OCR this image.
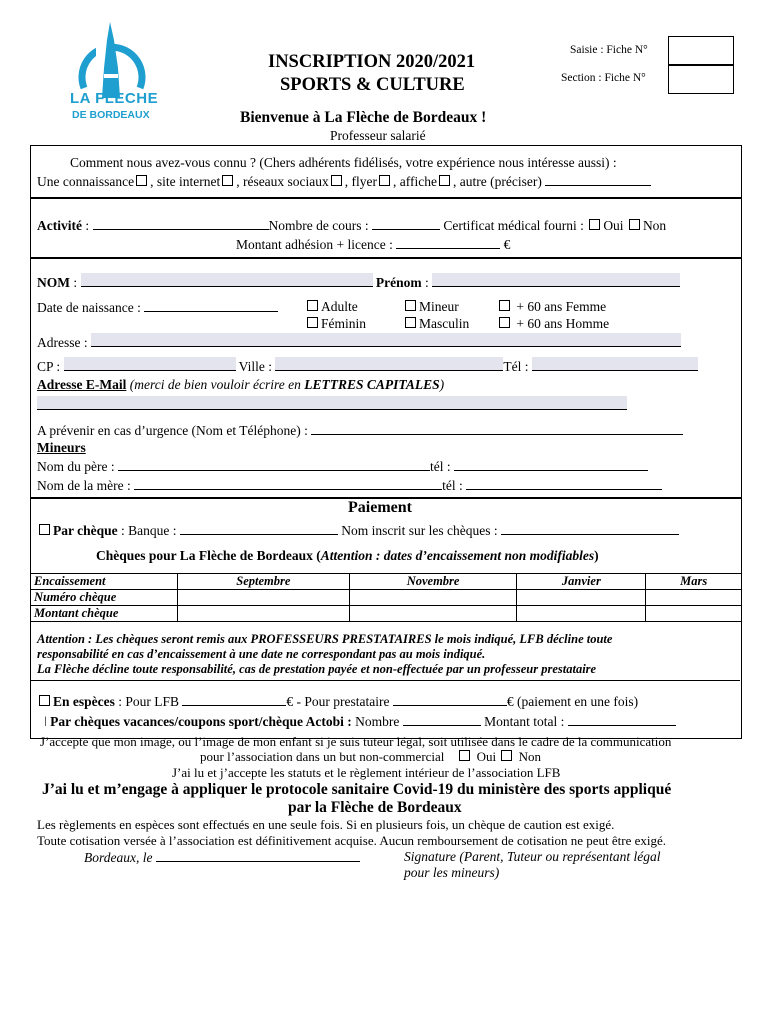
LA FLECHE
DE BORDEAUX
INSCRIPTION 2020/2021
SPORTS & CULTURE
Saisie : Fiche N°
Section : Fiche N°
Bienvenue à La Flèche de Bordeaux !
Professeur salarié
Comment nous avez-vous connu ? (Chers adhérents fidélisés, votre expérience nous intéresse aussi) :
Une connaissance , site internet , réseaux sociaux , flyer , affiche , autre (préciser)
Activité :	Nombre de cours :	Certificat médical fourni : Oui Non
Montant adhésion + licence :	€
NOM :	Prénom :
Date de naissance :	Adulte
Féminin
Mineur
Masculin
+ 60 ans Femme
+ 60 ans Homme
Adresse :
CP :	Ville :	Tél :
Adresse E-Mail (merci de bien vouloir écrire en LETTRES CAPITALES)
A prévenir en cas d’urgence (Nom et Téléphone) :
Mineurs
Nom du père :	tél :
Nom de la mère :	tél :
Paiement
Par chèque : Banque :	Nom inscrit sur les chèques :
Chèques pour La Flèche de Bordeaux (Attention : dates d’encaissement non modifiables)
Encaissement	Septembre	Novembre	Janvier	Mars
Numéro chèque				
Montant chèque				
Attention : Les chèques seront remis aux PROFESSEURS PRESTATAIRES le mois indiqué, LFB décline toute
responsabilité en cas d’encaissement à une date ne correspondant pas au mois indiqué.
La Flèche décline toute responsabilité, cas de prestation payée et non-effectuée par un professeur prestataire
En espèces : Pour LFB	€ - Pour prestataire	€ (paiement en une fois)
ǀ Par chèques vacances/coupons sport/chèque Actobi : Nombre	Montant total :
J’accepte que mon image, ou l’image de mon enfant si je suis tuteur légal, soit utilisée dans le cadre de la communication
pour l’association dans un but non-commercial     Oui  Non
J’ai lu et j’accepte les statuts et le règlement intérieur de l’association LFB
J’ai lu et m’engage à appliquer le protocole sanitaire Covid-19 du ministère des sports appliqué
par la Flèche de Bordeaux
Les règlements en espèces sont effectués en une seule fois. Si en plusieurs fois, un chèque de caution est exigé.
Toute cotisation versée à l’association est définitivement acquise. Aucun remboursement de cotisation ne peut être exigé.
Bordeaux, le	Signature (Parent, Tuteur ou représentant légal
pour les mineurs)
